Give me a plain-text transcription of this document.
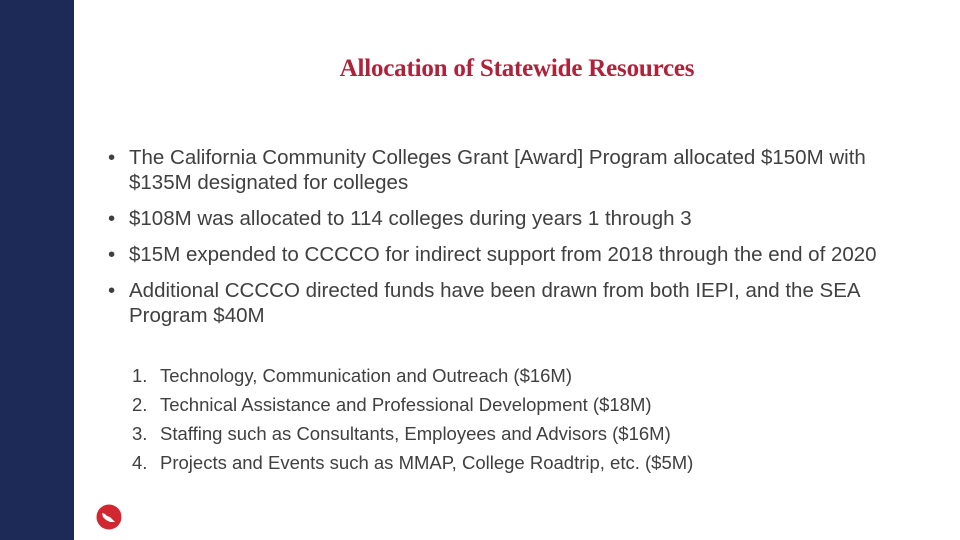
Allocation of Statewide Resources
• The California Community Colleges Grant [Award] Program allocated $150M with $135M designated for colleges
• $108M was allocated to 114 colleges during years 1 through 3
• $15M expended to CCCCO for indirect support from 2018 through the end of 2020
• Additional CCCCO directed funds have been drawn from both IEPI, and the SEA Program $40M
1. Technology, Communication and Outreach ($16M)
2. Technical Assistance and Professional Development ($18M)
3. Staffing such as Consultants, Employees and Advisors ($16M)
4. Projects and Events such as MMAP, College Roadtrip, etc. ($5M)
